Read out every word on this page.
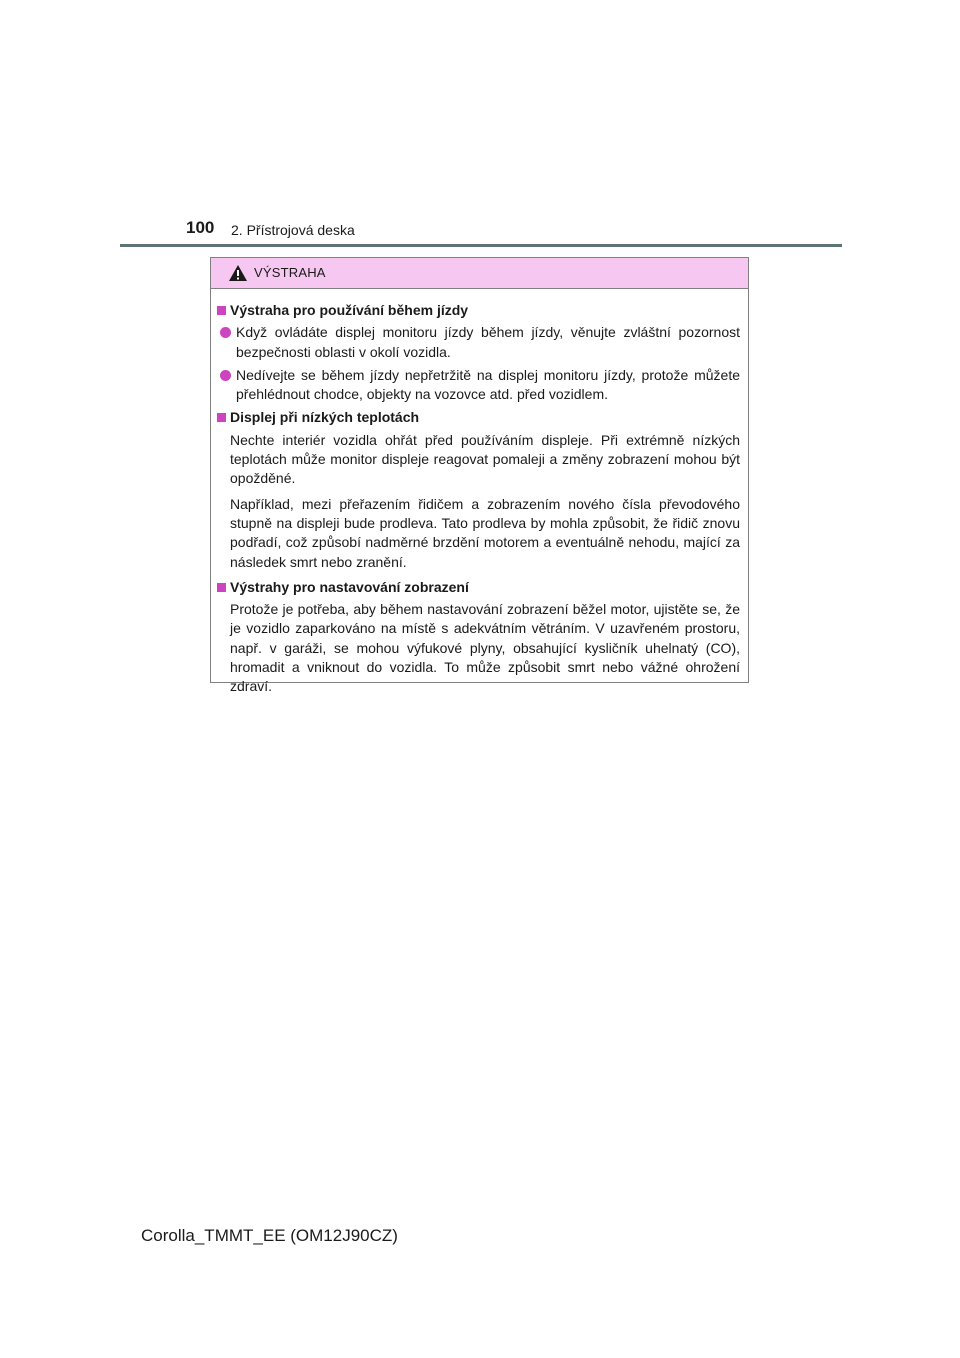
100 2. Přístrojová deska
VÝSTRAHA

Výstraha pro používání během jízdy

Když ovládáte displej monitoru jízdy během jízdy, věnujte zvláštní pozornost bezpečnosti oblasti v okolí vozidla.

Nedívejte se během jízdy nepřetržitě na displej monitoru jízdy, protože můžete přehlédnout chodce, objekty na vozovce atd. před vozidlem.

Displej při nízkých teplotách

Nechte interiér vozidla ohřát před používáním displeje. Při extrémně nízkých teplotách může monitor displeje reagovat pomaleji a změny zobrazení mohou být opožděné.

Například, mezi přeřazením řidičem a zobrazením nového čísla převodového stupně na displeji bude prodleva. Tato prodleva by mohla způsobit, že řidič znovu podřadí, což způsobí nadměrné brzdění motorem a eventuálně nehodu, mající za následek smrt nebo zranění.

Výstrahy pro nastavování zobrazení

Protože je potřeba, aby během nastavování zobrazení běžel motor, ujistěte se, že je vozidlo zaparkováno na místě s adekvátním větráním. V uzavřeném prostoru, např. v garáži, se mohou výfukové plyny, obsahující kysličník uhelnatý (CO), hromadit a vniknout do vozidla. To může způsobit smrt nebo vážné ohrožení zdraví.

Corolla_TMMT_EE (OM12J90CZ)
